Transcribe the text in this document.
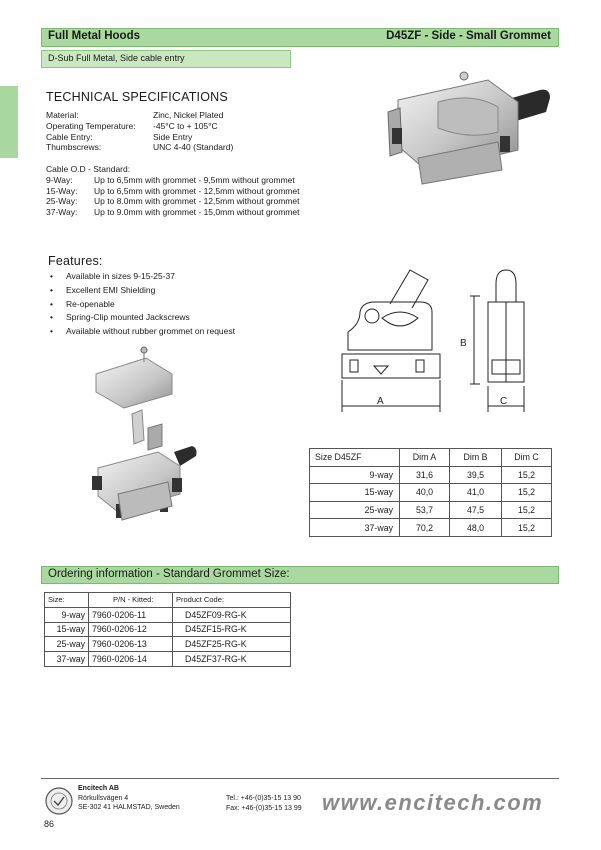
Full Metal Hoods	D45ZF - Side - Small Grommet
D-Sub Full Metal, Side cable entry
TECHNICAL SPECIFICATIONS
Material:	Zinc, Nickel Plated
Operating Temperature:	-45°C to + 105°C
Cable Entry:	Side Entry
Thumbscrews:	UNC 4-40 (Standard)
Cable O.D - Standard:
9-Way:	Up to 6,5mm with grommet - 9,5mm without grommet
15-Way:	Up to 6,5mm with grommet - 12,5mm without grommet
25-Way:	Up to 8.0mm with grommet - 12,5mm without grommet
37-Way:	Up to 9.0mm with grommet - 15,0mm without grommet
Features:
• Available in sizes 9-15-25-37
• Excellent EMI Shielding
• Re-openable
• Spring-Clip mounted Jackscrews
• Available without rubber grommet on request
A
B
C
Size D45ZF	Dim A	Dim B	Dim C
9-way	31,6	39,5	15,2
15-way	40,0	41,0	15,2
25-way	53,7	47,5	15,2
37-way	70,2	48,0	15,2
Ordering information - Standard Grommet Size:
Size:	P/N - Kitted:	Product Code:
9-way	7960-0206-11	D45ZF09-RG-K
15-way	7960-0206-12	D45ZF15-RG-K
25-way	7960-0206-13	D45ZF25-RG-K
37-way	7960-0206-14	D45ZF37-RG-K
Encitech AB
Rörkullsvägen 4
SE-302 41 HALMSTAD, Sweden
Tel.: +46-(0)35-15 13 90
Fax: +46-(0)35-15 13 99 www.encitech.com
86
